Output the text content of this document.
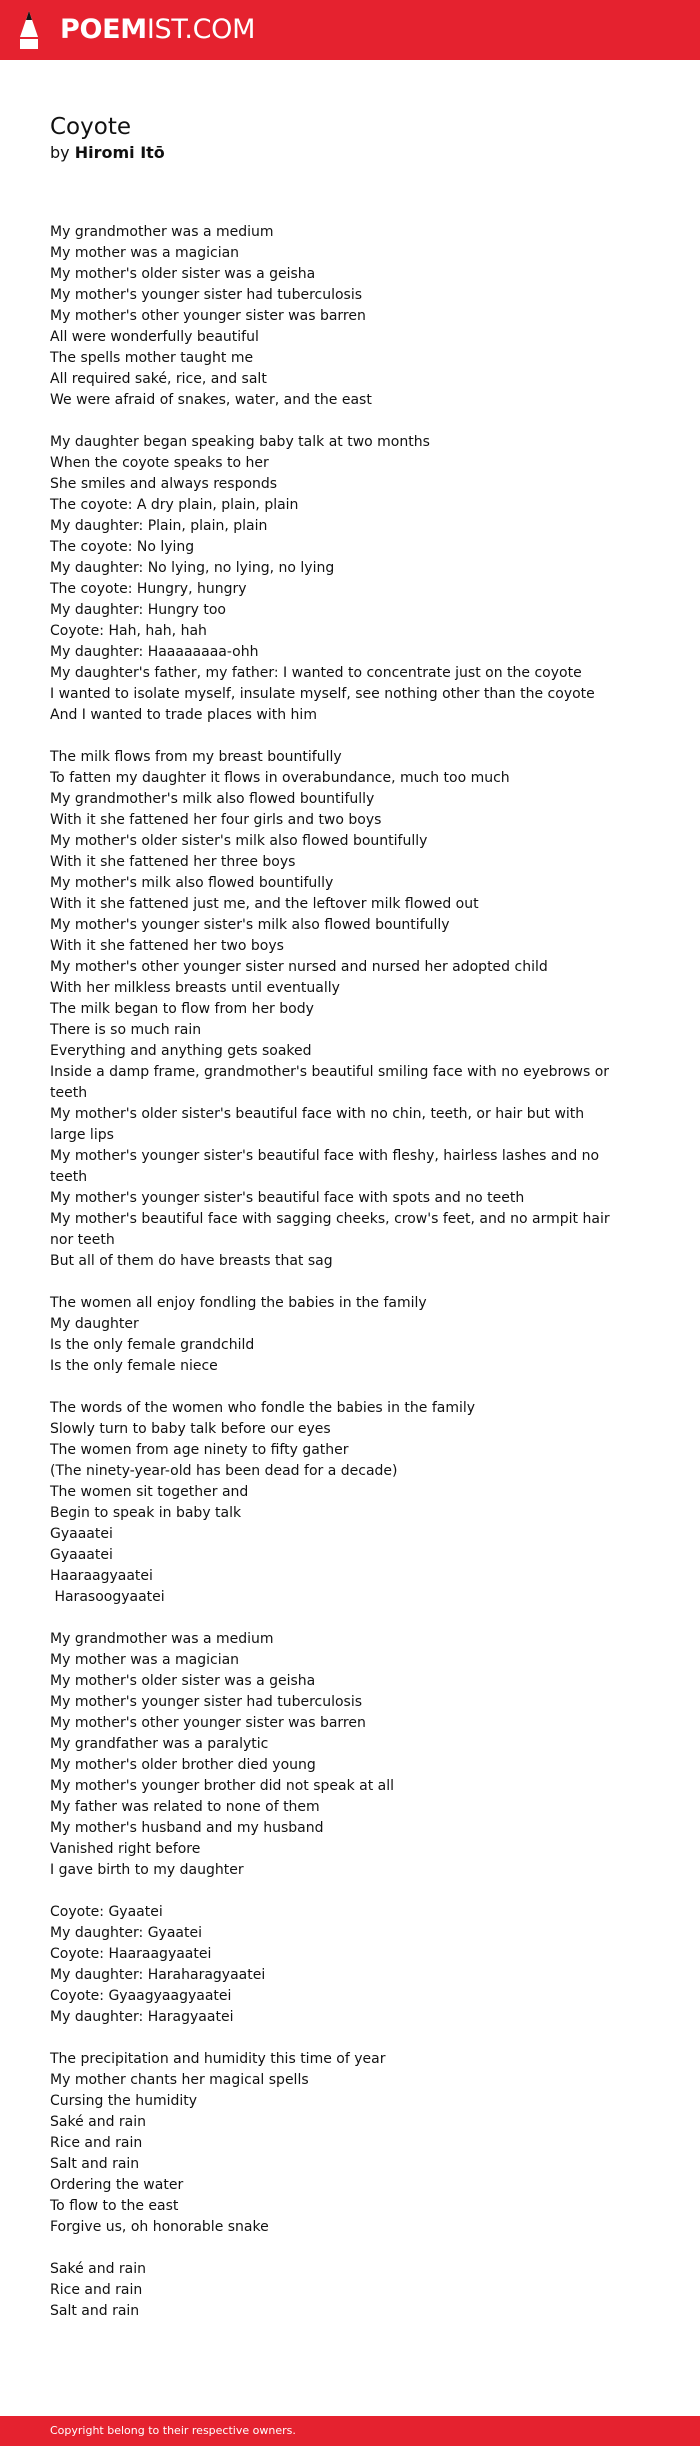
POEMIST.COM
Coyote

by Hiromi Itō

My grandmother was a medium
My mother was a magician
My mother's older sister was a geisha
My mother's younger sister had tuberculosis
My mother's other younger sister was barren
All were wonderfully beautiful
The spells mother taught me
All required saké, rice, and salt
We were afraid of snakes, water, and the east
My daughter began speaking baby talk at two months
When the coyote speaks to her
She smiles and always responds
The coyote: A dry plain, plain, plain
My daughter: Plain, plain, plain
The coyote: No lying
My daughter: No lying, no lying, no lying
The coyote: Hungry, hungry
My daughter: Hungry too
Coyote: Hah, hah, hah
My daughter: Haaaaaaaa-ohh
My daughter's father, my father: I wanted to concentrate just on the coyote
I wanted to isolate myself, insulate myself, see nothing other than the coyote
And I wanted to trade places with him
The milk flows from my breast bountifully
To fatten my daughter it flows in overabundance, much too much
My grandmother's milk also flowed bountifully
With it she fattened her four girls and two boys
My mother's older sister's milk also flowed bountifully
With it she fattened her three boys
My mother's milk also flowed bountifully
With it she fattened just me, and the leftover milk flowed out
My mother's younger sister's milk also flowed bountifully
With it she fattened her two boys
My mother's other younger sister nursed and nursed her adopted child
With her milkless breasts until eventually
The milk began to flow from her body
There is so much rain
Everything and anything gets soaked
Inside a damp frame, grandmother's beautiful smiling face with no eyebrows or teeth
My mother's older sister's beautiful face with no chin, teeth, or hair but with large lips
My mother's younger sister's beautiful face with fleshy, hairless lashes and no teeth
My mother's younger sister's beautiful face with spots and no teeth
My mother's beautiful face with sagging cheeks, crow's feet, and no armpit hair nor teeth
But all of them do have breasts that sag
The women all enjoy fondling the babies in the family
My daughter
Is the only female grandchild
Is the only female niece
The words of the women who fondle the babies in the family
Slowly turn to baby talk before our eyes
The women from age ninety to fifty gather
(The ninety-year-old has been dead for a decade)
The women sit together and
Begin to speak in baby talk
Gyaaatei
Gyaaatei
Haaraagyaatei
Harasoogyaatei
My grandmother was a medium
My mother was a magician
My mother's older sister was a geisha
My mother's younger sister had tuberculosis
My mother's other younger sister was barren
My grandfather was a paralytic
My mother's older brother died young
My mother's younger brother did not speak at all
My father was related to none of them
My mother's husband and my husband
Vanished right before
I gave birth to my daughter
Coyote: Gyaatei
My daughter: Gyaatei
Coyote: Haaraagyaatei
My daughter: Haraharagyaatei
Coyote: Gyaagyaagyaatei
My daughter: Haragyaatei
The precipitation and humidity this time of year
My mother chants her magical spells
Cursing the humidity
Saké and rain
Rice and rain
Salt and rain
Ordering the water
To flow to the east
Forgive us, oh honorable snake
Saké and rain
Rice and rain
Salt and rain
Copyright belong to their respective owners.
